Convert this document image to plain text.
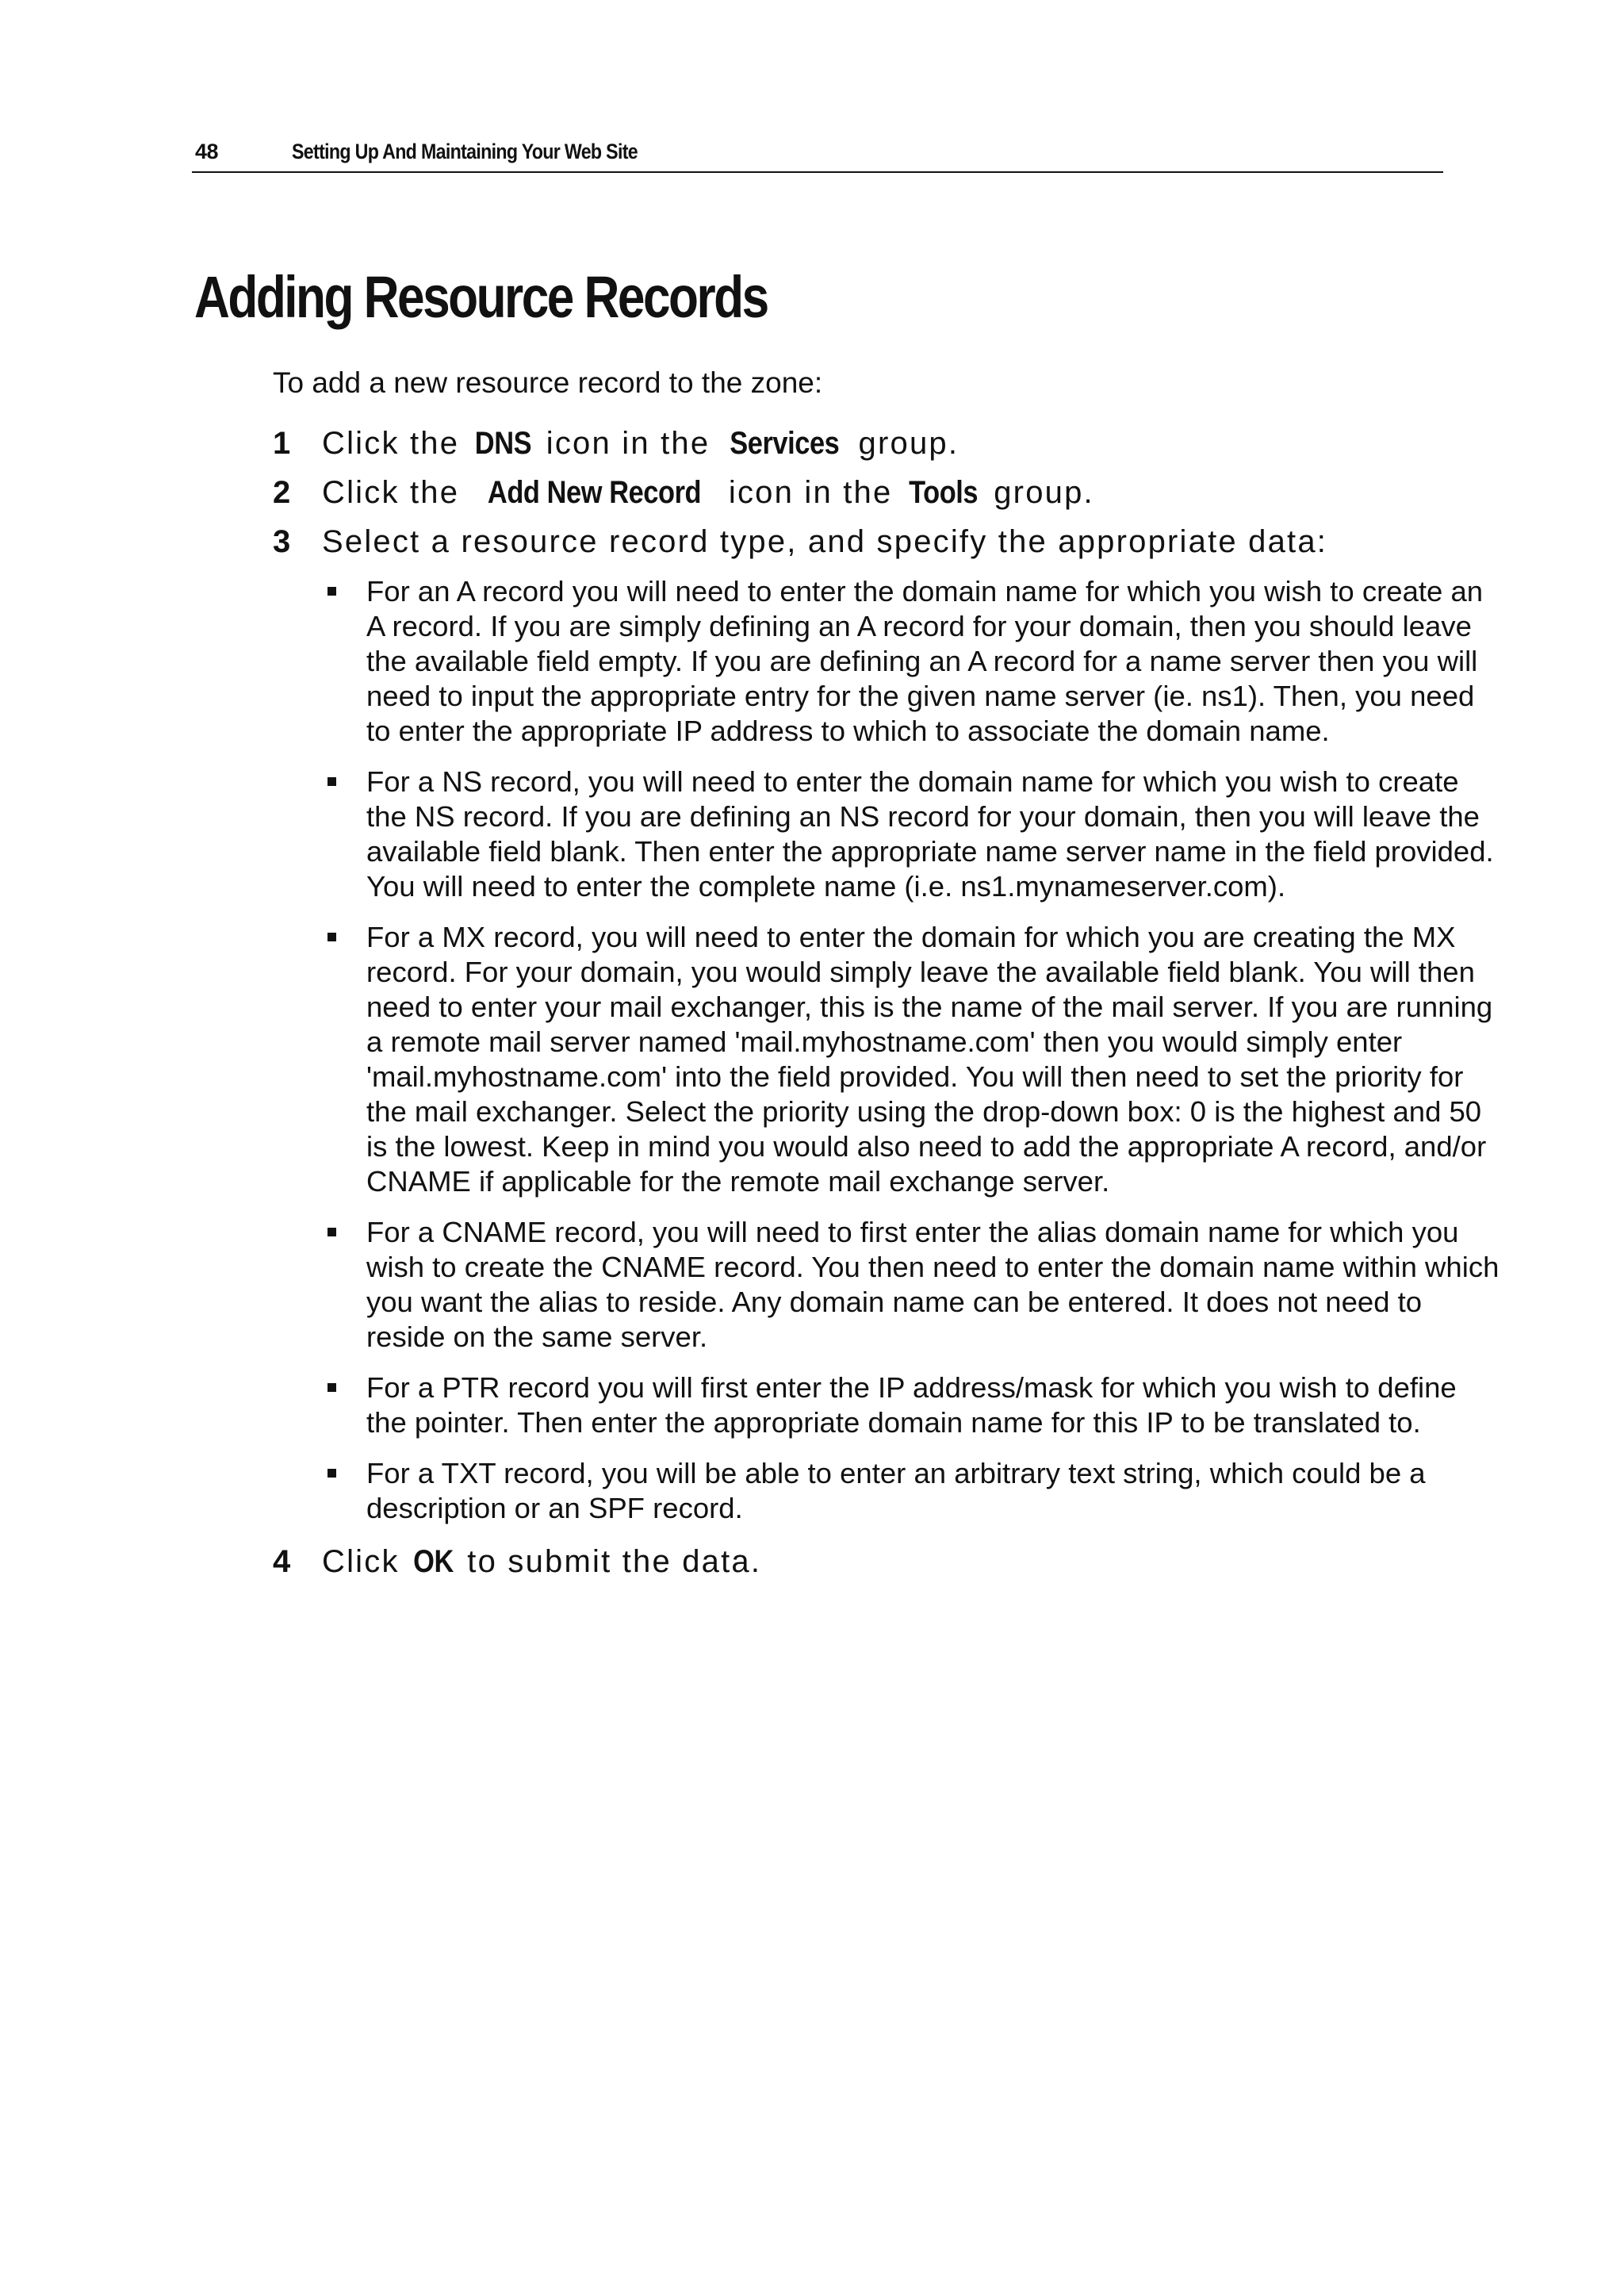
48	Setting Up And Maintaining Your Web Site
Adding Resource Records

To add a new resource record to the zone:

1 Click the DNS icon in the Services group.
2 Click the Add New Record icon in the Tools group.
3 Select a resource record type, and specify the appropriate data:
For an A record you will need to enter the domain name for which you wish to create an A record. If you are simply defining an A record for your domain, then you should leave the available field empty. If you are defining an A record for a name server then you will need to input the appropriate entry for the given name server (ie. ns1). Then, you need to enter the appropriate IP address to which to associate the domain name.
For a NS record, you will need to enter the domain name for which you wish to create the NS record. If you are defining an NS record for your domain, then you will leave the available field blank. Then enter the appropriate name server name in the field provided. You will need to enter the complete name (i.e. ns1.mynameserver.com).
For a MX record, you will need to enter the domain for which you are creating the MX record. For your domain, you would simply leave the available field blank. You will then need to enter your mail exchanger, this is the name of the mail server. If you are running a remote mail server named 'mail.myhostname.com' then you would simply enter 'mail.myhostname.com' into the field provided. You will then need to set the priority for the mail exchanger. Select the priority using the drop-down box: 0 is the highest and 50 is the lowest. Keep in mind you would also need to add the appropriate A record, and/or CNAME if applicable for the remote mail exchange server.
For a CNAME record, you will need to first enter the alias domain name for which you wish to create the CNAME record. You then need to enter the domain name within which you want the alias to reside. Any domain name can be entered. It does not need to reside on the same server.
For a PTR record you will first enter the IP address/mask for which you wish to define the pointer. Then enter the appropriate domain name for this IP to be translated to.
For a TXT record, you will be able to enter an arbitrary text string, which could be a description or an SPF record.
4 Click OK to submit the data.
